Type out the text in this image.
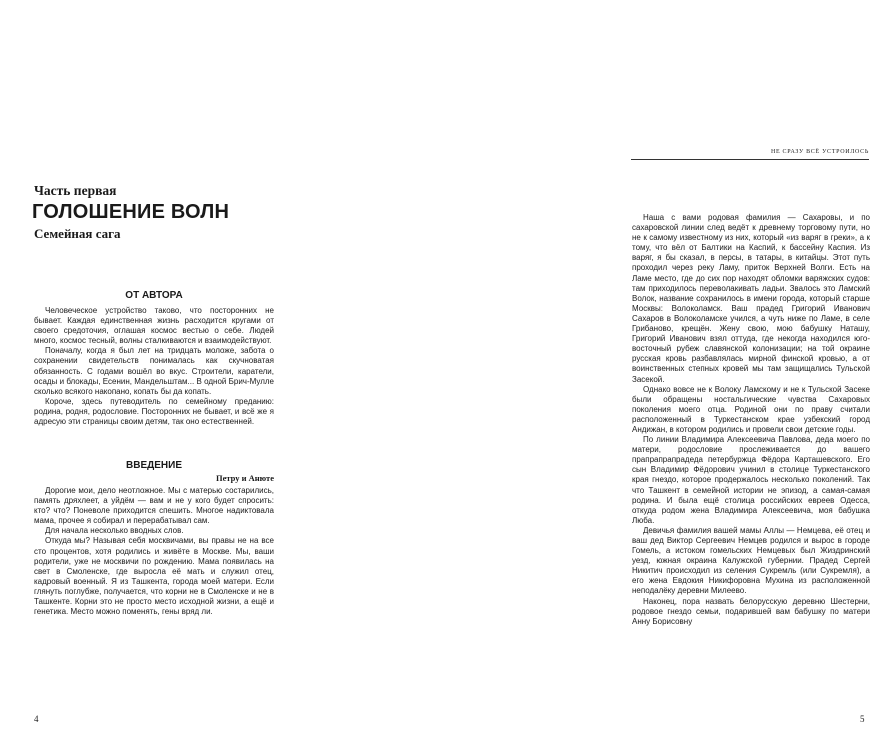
Часть первая
ГОЛОШЕНИЕ ВОЛН
Семейная сага
ОТ АВТОРА

Человеческое устройство таково, что посторонних не бывает. Каждая единственная жизнь расходится кругами от своего средоточия, оглашая космос вестью о себе. Людей много, космос тесный, волны сталкиваются и взаимодействуют.

Поначалу, когда я был лет на тридцать моложе, забота о сохранении свидетельств понималась как скучноватая обязанность. С годами вошёл во вкус. Строители, каратели, осады и блокады, Есенин, Мандельштам... В одной Брич-Мулле сколько всякого накопано, копать бы да копать.

Короче, здесь путеводитель по семейному преданию: родина, родня, родословие. Посторонних не бывает, и всё же я адресую эти страницы своим детям, так оно естественней.

ВВЕДЕНИЕ
Петру и Анюте

Дорогие мои, дело неотложное. Мы с матерью состарились, память дряхлеет, а уйдём — вам и не у кого будет спросить: кто? что? Поневоле приходится спешить. Многое надиктовала мама, прочее я собирал и перерабатывал сам.

Для начала несколько вводных слов.

Откуда мы? Называя себя москвичами, вы правы не на все сто процентов, хотя родились и живёте в Москве. Мы, ваши родители, уже не москвичи по рождению. Мама появилась на свет в Смоленске, где выросла её мать и служил отец, кадровый военный. Я из Ташкента, города моей матери. Если глянуть поглубже, получается, что корни не в Смоленске и не в Ташкенте. Корни это не просто место исходной жизни, а ещё и генетика. Место можно поменять, гены вряд ли.

4
НЕ СРАЗУ ВСЁ УСТРОИЛОСЬ

Наша с вами родовая фамилия — Сахаровы, и по сахаровской линии след ведёт к древнему торговому пути, но не к самому известному из них, который «из варяг в греки», а к тому, что вёл от Балтики на Каспий, к бассейну Каспия. Из варяг, я бы сказал, в персы, в татары, в китайцы. Этот путь проходил через реку Ламу, приток Верхней Волги. Есть на Ламе место, где до сих пор находят обломки варяжских судов: там приходилось переволакивать ладьи. Звалось это Ламский Волок, название сохранилось в имени города, который старше Москвы: Волоколамск. Ваш прадед Григорий Иванович Сахаров в Волоколамске учился, а чуть ниже по Ламе, в селе Грибаново, крещён. Жену свою, мою бабушку Наташу, Григорий Иванович взял оттуда, где некогда находился юго-восточный рубеж славянской колонизации; на той окраине русская кровь разбавлялась мирной финской кровью, а от воинственных степных кровей мы там защищались Тульской Засекой.

Однако вовсе не к Волоку Ламскому и не к Тульской Засеке были обращены ностальгические чувства Сахаровых поколения моего отца. Родиной они по праву считали расположенный в Туркестанском крае узбекский город Андижан, в котором родились и провели свои детские годы.

По линии Владимира Алексеевича Павлова, деда моего по матери, родословие прослеживается до вашего прапрапрапрадеда петербуржца Фёдора Карташевского. Его сын Владимир Фёдорович учинил в столице Туркестанского края гнездо, которое продержалось несколько поколений. Так что Ташкент в семейной истории не эпизод, а самая-самая родина. И была ещё столица российских евреев Одесса, откуда родом жена Владимира Алексеевича, моя бабушка Люба.

Девичья фамилия вашей мамы Аллы — Немцева, её отец и ваш дед Виктор Сергеевич Немцев родился и вырос в городе Гомель, а истоком гомельских Немцевых был Жиздринский уезд, южная окраина Калужской губернии. Прадед Сергей Никитич происходил из селения Сукремль (или Сукремля), а его жена Евдокия Никифоровна Мухина из расположенной неподалёку деревни Милеево.

Наконец, пора назвать белорусскую деревню Шестерни, родовое гнездо семьи, подарившей вам бабушку по матери Анну Борисовну

5
